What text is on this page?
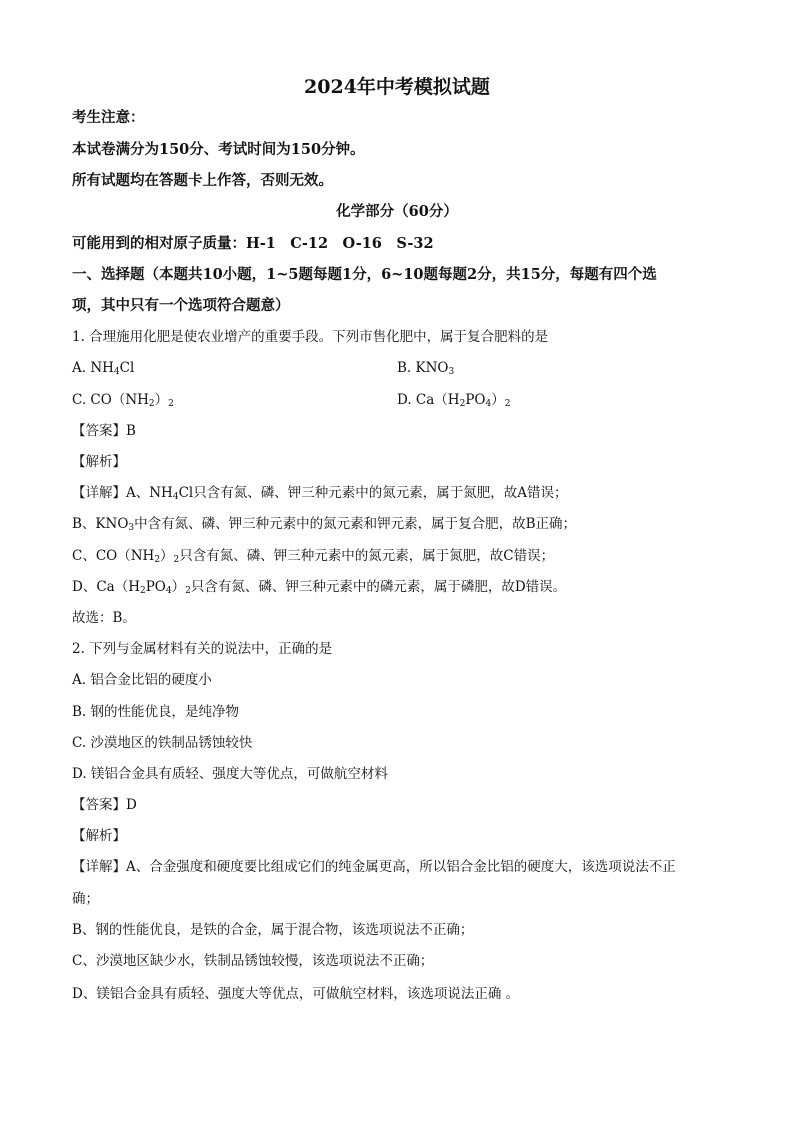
2024年中考模拟试题
考生注意：
本试卷满分为150分、考试时间为150分钟。
所有试题均在答题卡上作答，否则无效。
化学部分（60分）
可能用到的相对原子质量：H-1　C-12　O-16　S-32
一、选择题（本题共10小题，1~5题每题1分，6~10题每题2分，共15分，每题有四个选
项，其中只有一个选项符合题意）
1. 合理施用化肥是使农业增产的重要手段。下列市售化肥中，属于复合肥料的是
A. $NH_4Cl$	B. $KNO_3$
C. $CO(NH_2)_2$	D. $Ca(H_2PO_4)_2$
【答案】B
【解析】
【详解】A、$NH_4Cl$只含有氮、磷、钾三种元素中的氮元素，属于氮肥，故A错误；
B、$KNO_3$中含有氮、磷、钾三种元素中的氮元素和钾元素，属于复合肥，故B正确；
C、$CO(NH_2)_2$只含有氮、磷、钾三种元素中的氮元素，属于氮肥，故C错误；
D、$Ca(H_2PO_4)_2$只含有氮、磷、钾三种元素中的磷元素，属于磷肥，故D错误。
故选：B。
2. 下列与金属材料有关的说法中，正确的是
A. 铝合金比铝的硬度小
B. 钢的性能优良，是纯净物
C. 沙漠地区的铁制品锈蚀较快
D. 镁铝合金具有质轻、强度大等优点，可做航空材料
【答案】D
【解析】
【详解】A、合金强度和硬度要比组成它们的纯金属更高，所以铝合金比铝的硬度大，该选项说法不正
确；
B、钢的性能优良，是铁的合金，属于混合物，该选项说法不正确；
C、沙漠地区缺少水，铁制品锈蚀较慢，该选项说法不正确；
D、镁铝合金具有质轻、强度大等优点，可做航空材料，该选项说法正确 。
